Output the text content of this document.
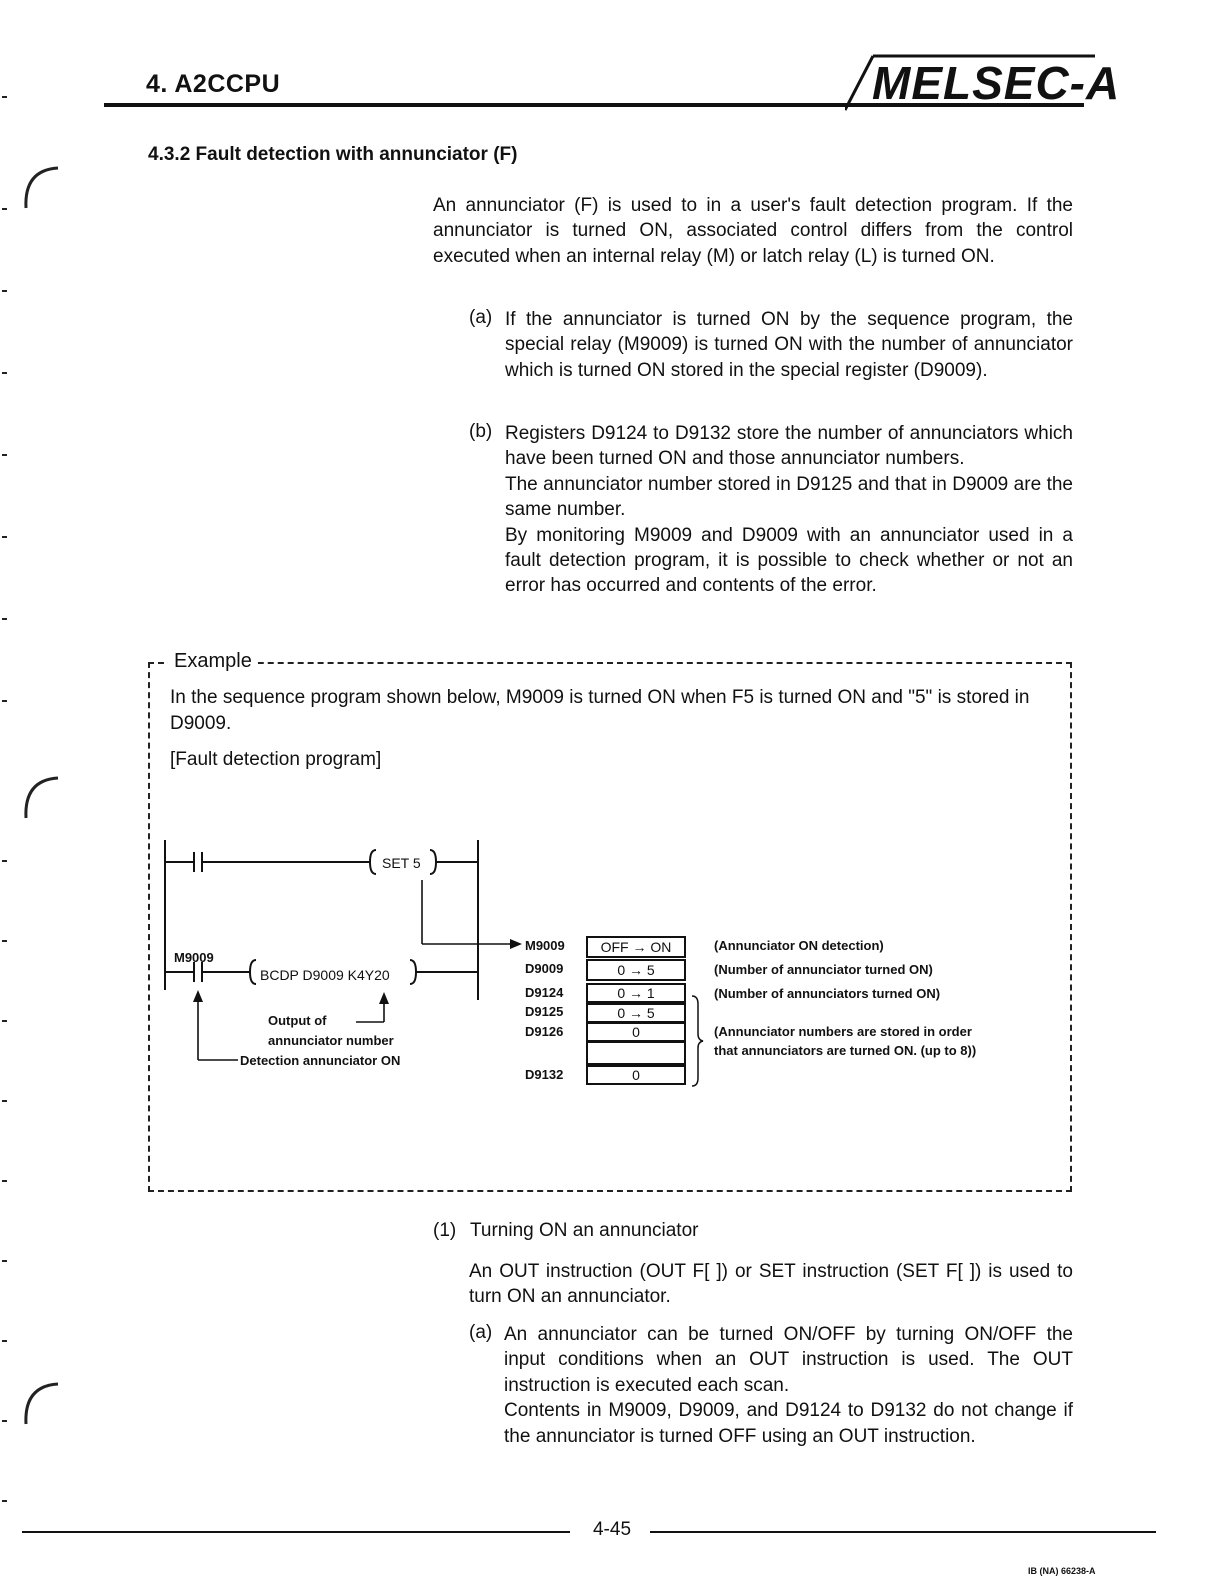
4. A2CCPU	MELSEC-A
4.3.2 Fault detection with annunciator (F)
An annunciator (F) is used to in a user's fault detection program. If the annunciator is turned ON, associated control differs from the control executed when an internal relay (M) or latch relay (L) is turned ON.
(a) If the annunciator is turned ON by the sequence program, the special relay (M9009) is turned ON with the number of annunciator which is turned ON stored in the special register (D9009).
(b) Registers D9124 to D9132 store the number of annunciators which have been turned ON and those annunciator numbers.
The annunciator number stored in D9125 and that in D9009 are the same number.
By monitoring M9009 and D9009 with an annunciator used in a fault detection program, it is possible to check whether or not an error has occurred and contents of the error.
Example
In the sequence program shown below, M9009 is turned ON when F5 is turned ON and "5" is stored in D9009.
[Fault detection program]
SET 5
M9009
BCDP D9009 K4Y20
Output of
annunciator number
Detection annunciator ON
M9009
D9009
D9124
D9125
D9126
D9132
OFF → ON
0 → 5
0 → 1
0 → 5
0
0
(Annunciator ON detection)
(Number of annunciator turned ON)
(Number of annunciators turned ON)
(Annunciator numbers are stored in order
that annunciators are turned ON. (up to 8))
(1) Turning ON an annunciator
An OUT instruction (OUT F[ ]) or SET instruction (SET F[ ]) is used to turn ON an annunciator.
(a) An annunciator can be turned ON/OFF by turning ON/OFF the input conditions when an OUT instruction is used. The OUT instruction is executed each scan.
Contents in M9009, D9009, and D9124 to D9132 do not change if the annunciator is turned OFF using an OUT instruction.
4-45
IB (NA) 66238-A
